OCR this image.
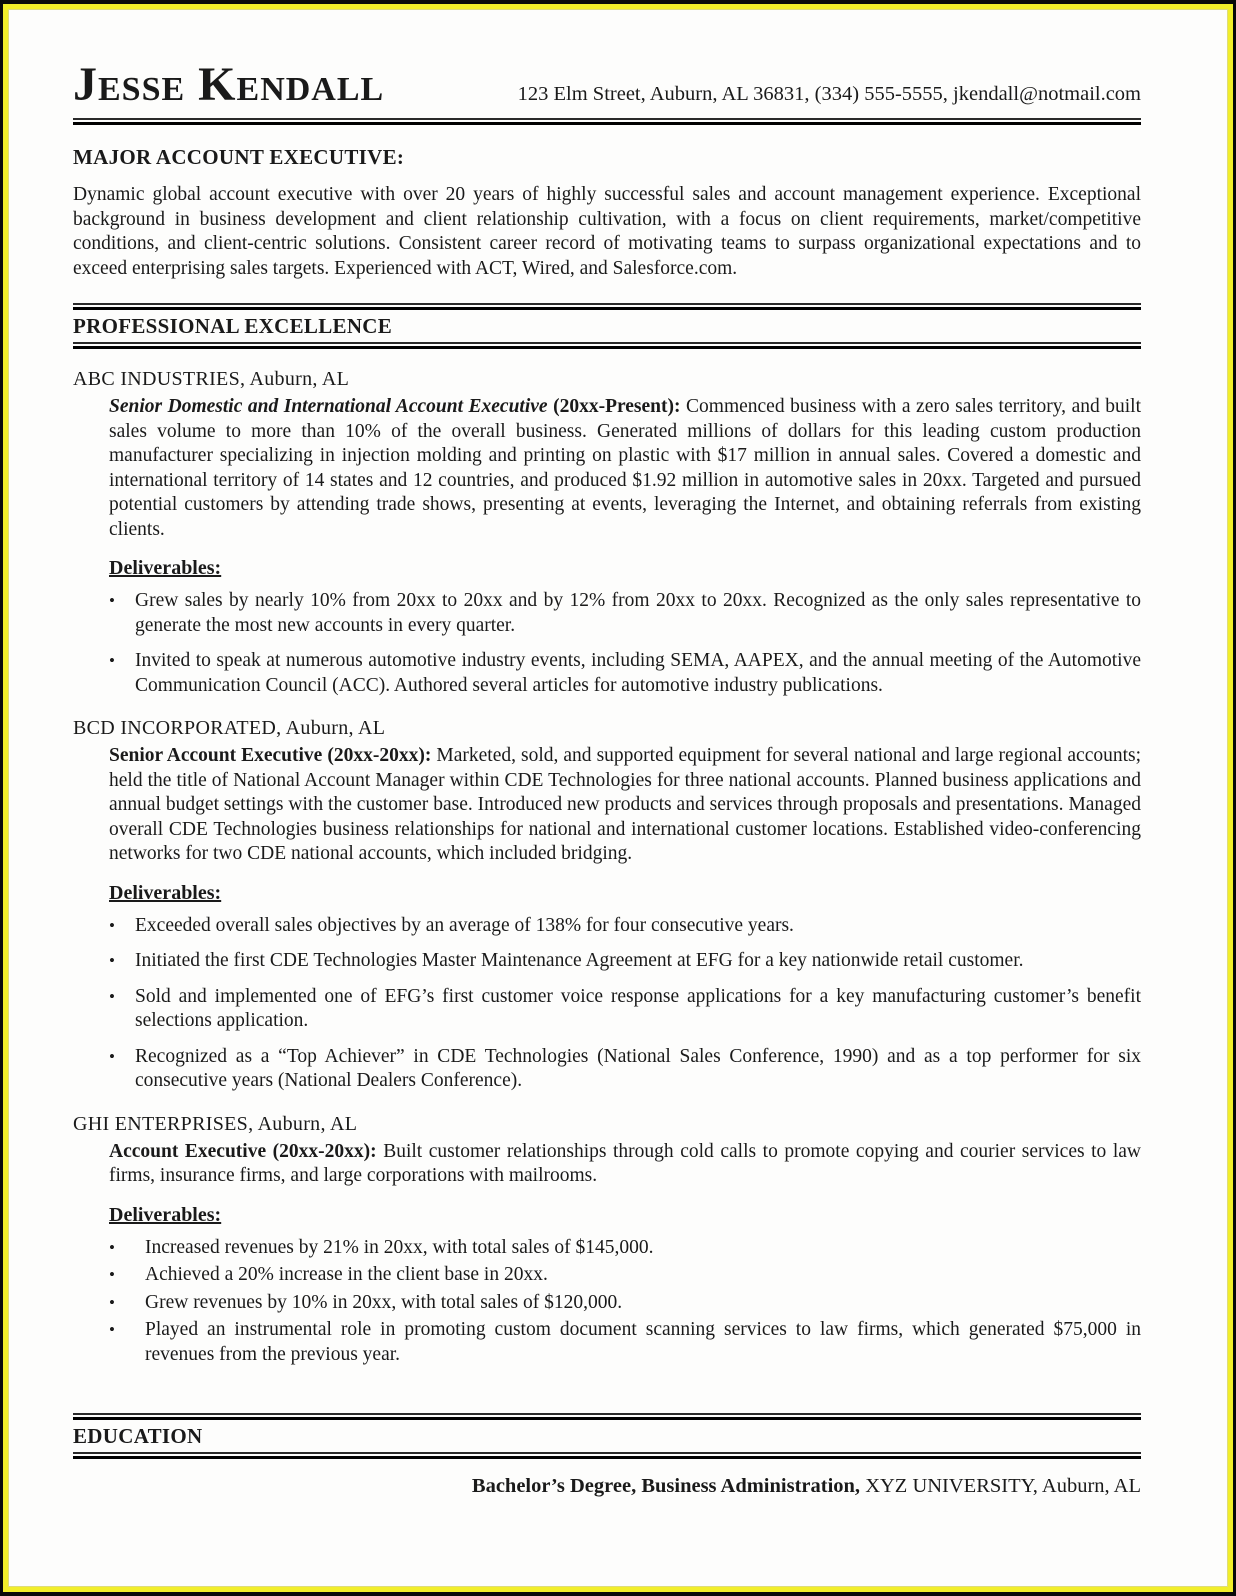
Jesse Kendall	123 Elm Street, Auburn, AL 36831, (334) 555-5555, jkendall@notmail.com
MAJOR ACCOUNT EXECUTIVE:

Dynamic global account executive with over 20 years of highly successful sales and account management experience. Exceptional background in business development and client relationship cultivation, with a focus on client requirements, market/competitive conditions, and client-centric solutions. Consistent career record of motivating teams to surpass organizational expectations and to exceed enterprising sales targets. Experienced with ACT, Wired, and Salesforce.com.

PROFESSIONAL EXCELLENCE
ABC INDUSTRIES, Auburn, AL

Senior Domestic and International Account Executive (20xx-Present): Commenced business with a zero sales territory, and built sales volume to more than 10% of the overall business. Generated millions of dollars for this leading custom production manufacturer specializing in injection molding and printing on plastic with $17 million in annual sales. Covered a domestic and international territory of 14 states and 12 countries, and produced $1.92 million in automotive sales in 20xx. Targeted and pursued potential customers by attending trade shows, presenting at events, leveraging the Internet, and obtaining referrals from existing clients.

Deliverables:
•	Grew sales by nearly 10% from 20xx to 20xx and by 12% from 20xx to 20xx. Recognized as the only sales representative to generate the most new accounts in every quarter.
•	Invited to speak at numerous automotive industry events, including SEMA, AAPEX, and the annual meeting of the Automotive Communication Council (ACC). Authored several articles for automotive industry publications.
BCD INCORPORATED, Auburn, AL

Senior Account Executive (20xx-20xx): Marketed, sold, and supported equipment for several national and large regional accounts; held the title of National Account Manager within CDE Technologies for three national accounts. Planned business applications and annual budget settings with the customer base. Introduced new products and services through proposals and presentations. Managed overall CDE Technologies business relationships for national and international customer locations. Established video-conferencing networks for two CDE national accounts, which included bridging.

Deliverables:
•	Exceeded overall sales objectives by an average of 138% for four consecutive years.
•	Initiated the first CDE Technologies Master Maintenance Agreement at EFG for a key nationwide retail customer.
•	Sold and implemented one of EFG’s first customer voice response applications for a key manufacturing customer’s benefit selections application.
•	Recognized as a “Top Achiever” in CDE Technologies (National Sales Conference, 1990) and as a top performer for six consecutive years (National Dealers Conference).
GHI ENTERPRISES, Auburn, AL

Account Executive (20xx-20xx): Built customer relationships through cold calls to promote copying and courier services to law firms, insurance firms, and large corporations with mailrooms.

Deliverables:
•	Increased revenues by 21% in 20xx, with total sales of $145,000.
•	Achieved a 20% increase in the client base in 20xx.
•	Grew revenues by 10% in 20xx, with total sales of $120,000.
•	Played an instrumental role in promoting custom document scanning services to law firms, which generated $75,000 in revenues from the previous year.
EDUCATION

Bachelor’s Degree, Business Administration, XYZ UNIVERSITY, Auburn, AL
